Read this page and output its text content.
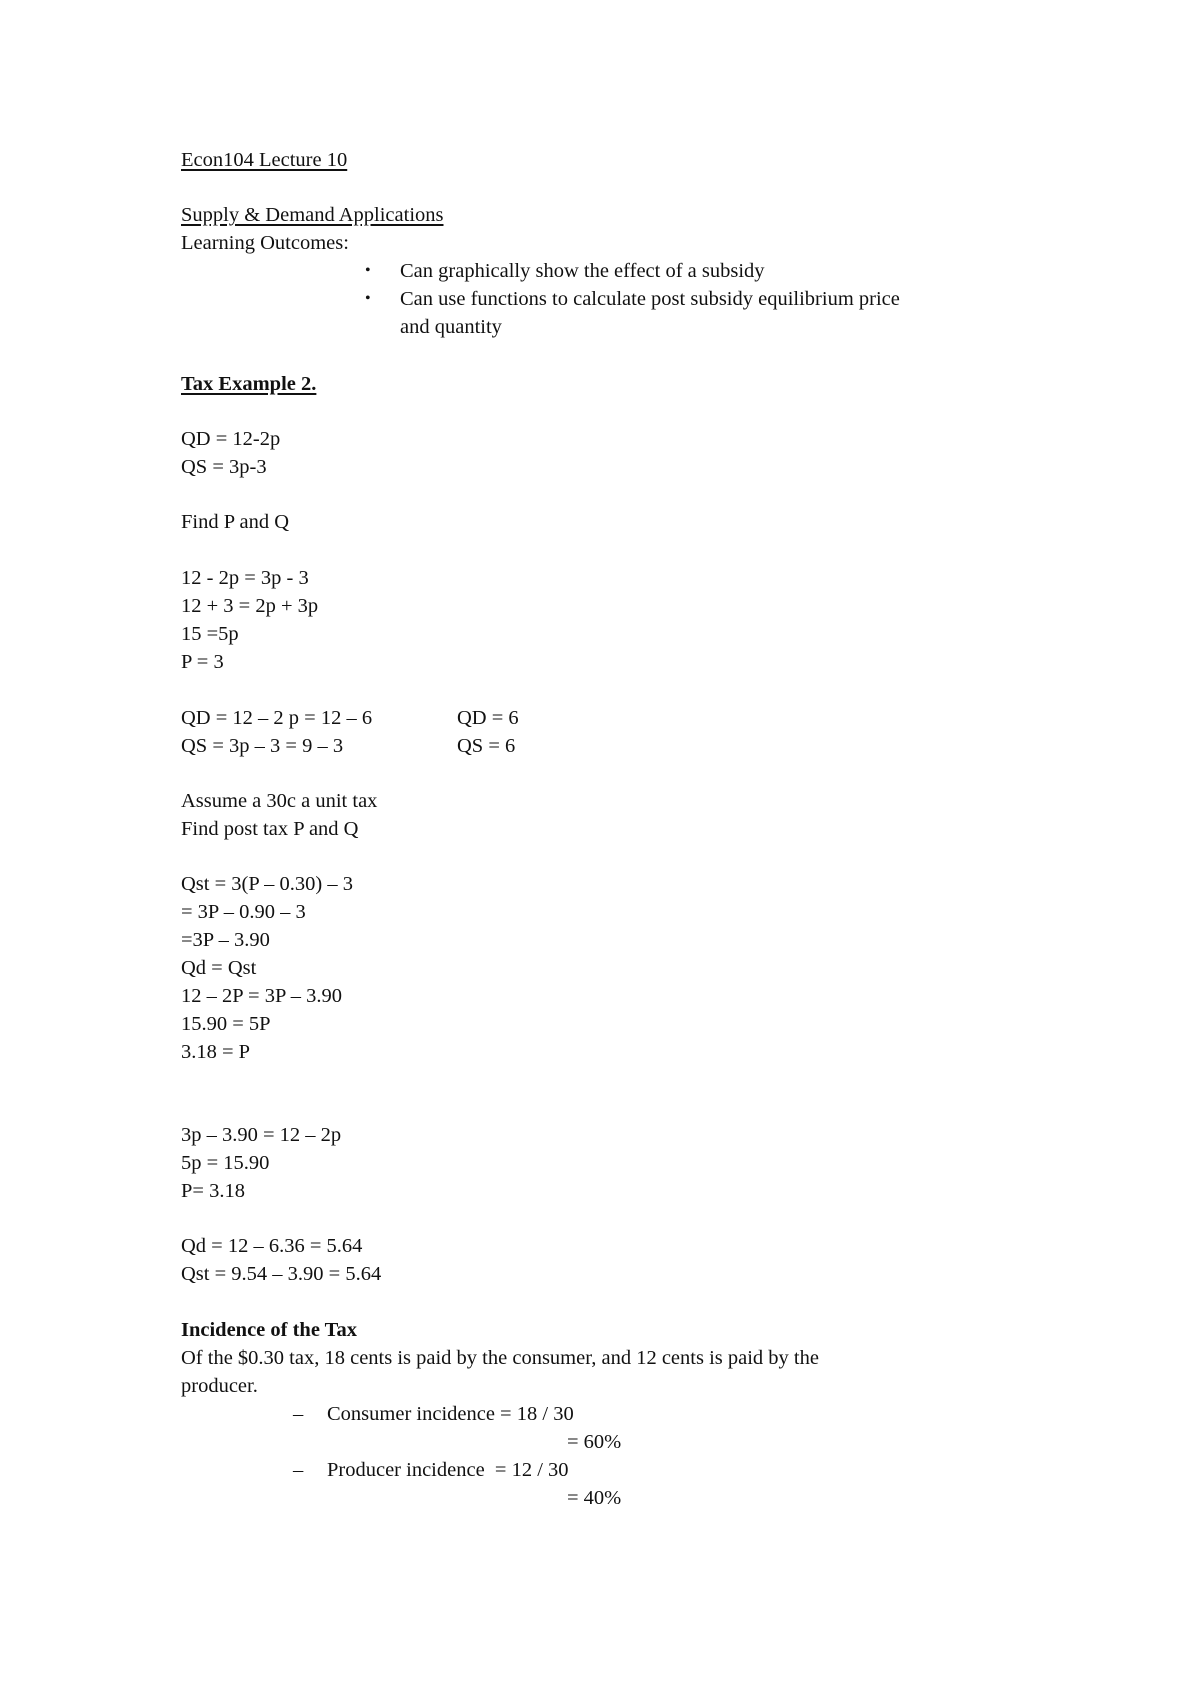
Econ104 Lecture 10
Supply & Demand Applications
Learning Outcomes:
• Can graphically show the effect of a subsidy
• Can use functions to calculate post subsidy equilibrium price
and quantity
Tax Example 2.
QD = 12-2p
QS = 3p-3
Find P and Q
12 - 2p = 3p - 3
12 + 3 = 2p + 3p
15 =5p
P = 3
QD = 12 – 2 p = 12 – 6	QD = 6
QS = 3p – 3 = 9 – 3	QS = 6
Assume a 30c a unit tax
Find post tax P and Q
Qst = 3(P – 0.30) – 3
= 3P – 0.90 – 3
=3P – 3.90
Qd = Qst
12 – 2P = 3P – 3.90
15.90 = 5P
3.18 = P
3p – 3.90 = 12 – 2p
5p = 15.90
P= 3.18
Qd = 12 – 6.36 = 5.64
Qst = 9.54 – 3.90 = 5.64
Incidence of the Tax
Of the $0.30 tax, 18 cents is paid by the consumer, and 12 cents is paid by the
producer.
– Consumer incidence = 18 / 30
= 60%
– Producer incidence  = 12 / 30
= 40%
